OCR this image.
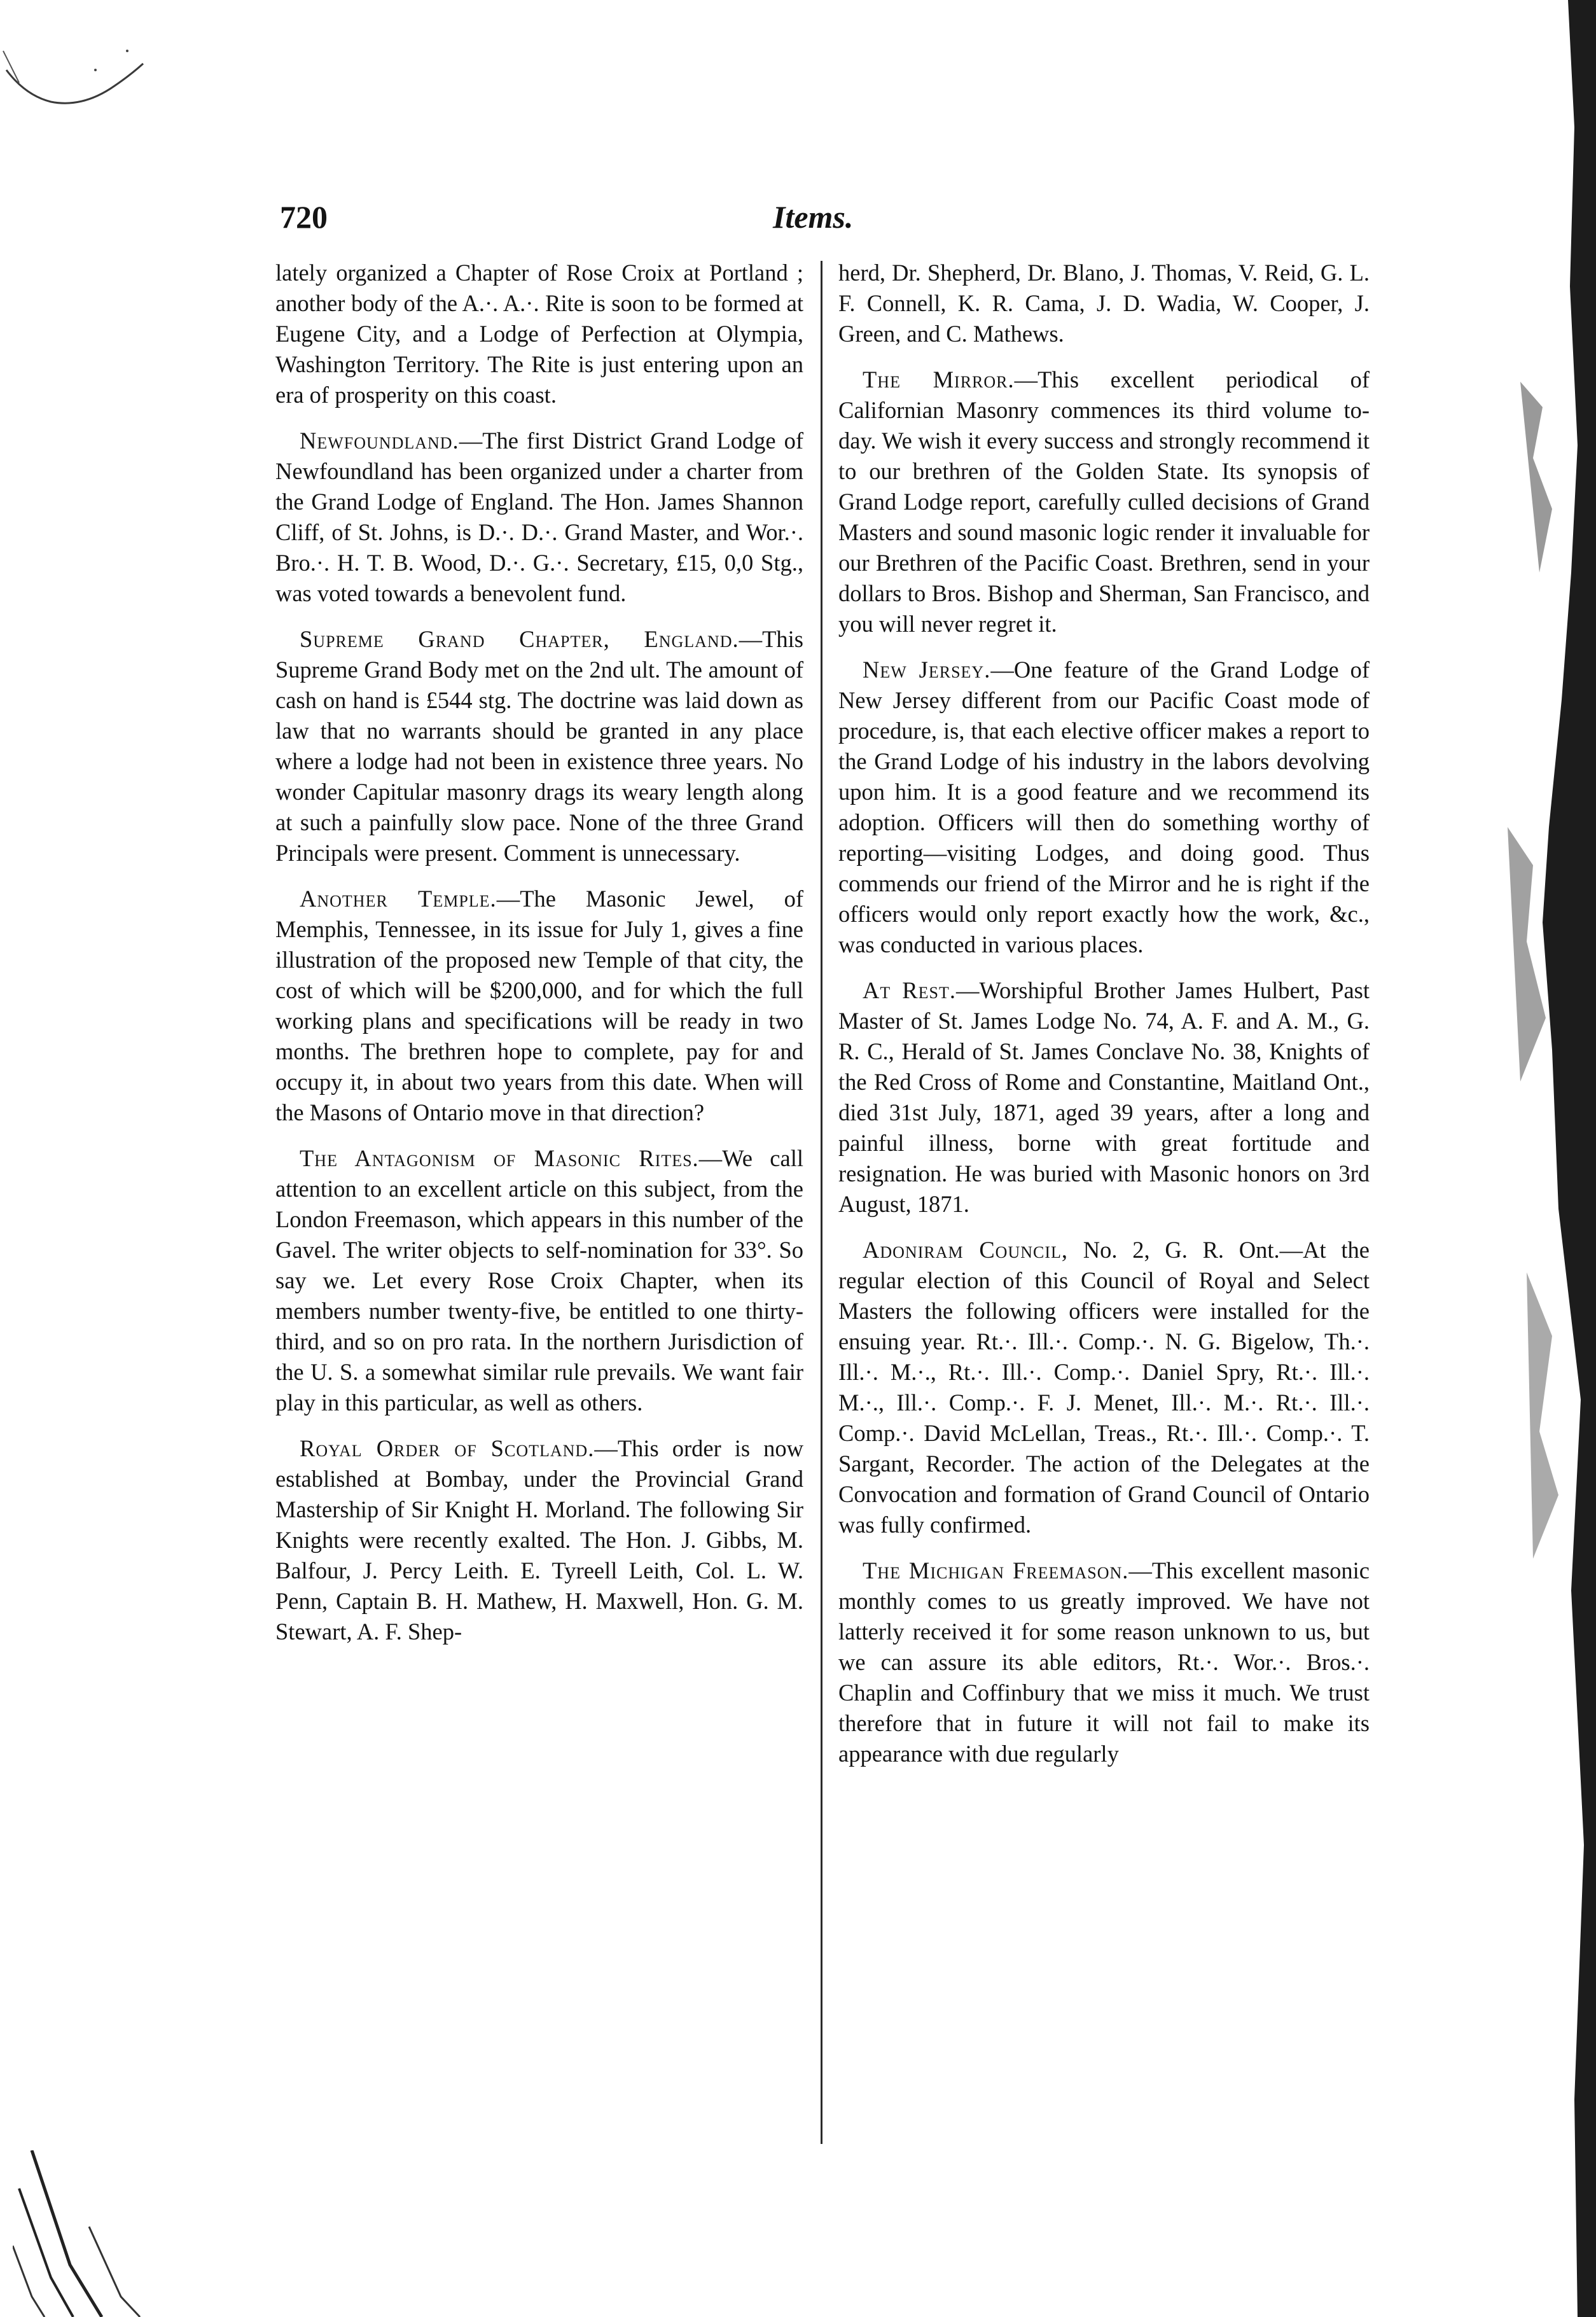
720	Items.

lately organized a Chapter of Rose Croix at Portland ; another body of the A.·. A.·. Rite is soon to be formed at Eugene City, and a Lodge of Perfection at Olympia, Washington Territory. The Rite is just entering upon an era of prosperity on this coast.

Newfoundland.—The first District Grand Lodge of Newfoundland has been organized under a charter from the Grand Lodge of England. The Hon. James Shannon Cliff, of St. Johns, is D.·. D.·. Grand Master, and Wor.·. Bro.·. H. T. B. Wood, D.·. G.·. Secretary, £15, 0,0 Stg., was voted towards a benevolent fund.

Supreme Grand Chapter, England.—This Supreme Grand Body met on the 2nd ult. The amount of cash on hand is £544 stg. The doctrine was laid down as law that no warrants should be granted in any place where a lodge had not been in existence three years. No wonder Capitular masonry drags its weary length along at such a painfully slow pace. None of the three Grand Principals were present. Comment is unnecessary.

Another Temple.—The Masonic Jewel, of Memphis, Tennessee, in its issue for July 1, gives a fine illustration of the proposed new Temple of that city, the cost of which will be $200,000, and for which the full working plans and specifications will be ready in two months. The brethren hope to complete, pay for and occupy it, in about two years from this date. When will the Masons of Ontario move in that direction?

The Antagonism of Masonic Rites.—We call attention to an excellent article on this subject, from the London Freemason, which appears in this number of the Gavel. The writer objects to self-nomination for 33°. So say we. Let every Rose Croix Chapter, when its members number twenty-five, be entitled to one thirty-third, and so on pro rata. In the northern Jurisdiction of the U. S. a somewhat similar rule prevails. We want fair play in this particular, as well as others.

Royal Order of Scotland.—This order is now established at Bombay, under the Provincial Grand Mastership of Sir Knight H. Morland. The following Sir Knights were recently exalted. The Hon. J. Gibbs, M. Balfour, J. Percy Leith. E. Tyreell Leith, Col. L. W. Penn, Captain B. H. Mathew, H. Maxwell, Hon. G. M. Stewart, A. F. Shep-

herd, Dr. Shepherd, Dr. Blano, J. Thomas, V. Reid, G. L. F. Connell, K. R. Cama, J. D. Wadia, W. Cooper, J. Green, and C. Mathews.

The Mirror.—This excellent periodical of Californian Masonry commences its third volume to-day. We wish it every success and strongly recommend it to our brethren of the Golden State. Its synopsis of Grand Lodge report, carefully culled decisions of Grand Masters and sound masonic logic render it invaluable for our Brethren of the Pacific Coast. Brethren, send in your dollars to Bros. Bishop and Sherman, San Francisco, and you will never regret it.

New Jersey.—One feature of the Grand Lodge of New Jersey different from our Pacific Coast mode of procedure, is, that each elective officer makes a report to the Grand Lodge of his industry in the labors devolving upon him. It is a good feature and we recommend its adoption. Officers will then do something worthy of reporting—visiting Lodges, and doing good. Thus commends our friend of the Mirror and he is right if the officers would only report exactly how the work, &c., was conducted in various places.

At Rest.—Worshipful Brother James Hulbert, Past Master of St. James Lodge No. 74, A. F. and A. M., G. R. C., Herald of St. James Conclave No. 38, Knights of the Red Cross of Rome and Constantine, Maitland Ont., died 31st July, 1871, aged 39 years, after a long and painful illness, borne with great fortitude and resignation. He was buried with Masonic honors on 3rd August, 1871.

Adoniram Council, No. 2, G. R. Ont.—At the regular election of this Council of Royal and Select Masters the following officers were installed for the ensuing year. Rt.·. Ill.·. Comp.·. N. G. Bigelow, Th.·. Ill.·. M.·., Rt.·. Ill.·. Comp.·. Daniel Spry, Rt.·. Ill.·. M.·., Ill.·. Comp.·. F. J. Menet, Ill.·. M.·. Rt.·. Ill.·. Comp.·. David McLellan, Treas., Rt.·. Ill.·. Comp.·. T. Sargant, Recorder. The action of the Delegates at the Convocation and formation of Grand Council of Ontario was fully confirmed.

The Michigan Freemason.—This excellent masonic monthly comes to us greatly improved. We have not latterly received it for some reason unknown to us, but we can assure its able editors, Rt.·. Wor.·. Bros.·. Chaplin and Coffinbury that we miss it much. We trust therefore that in future it will not fail to make its appearance with due regularly
